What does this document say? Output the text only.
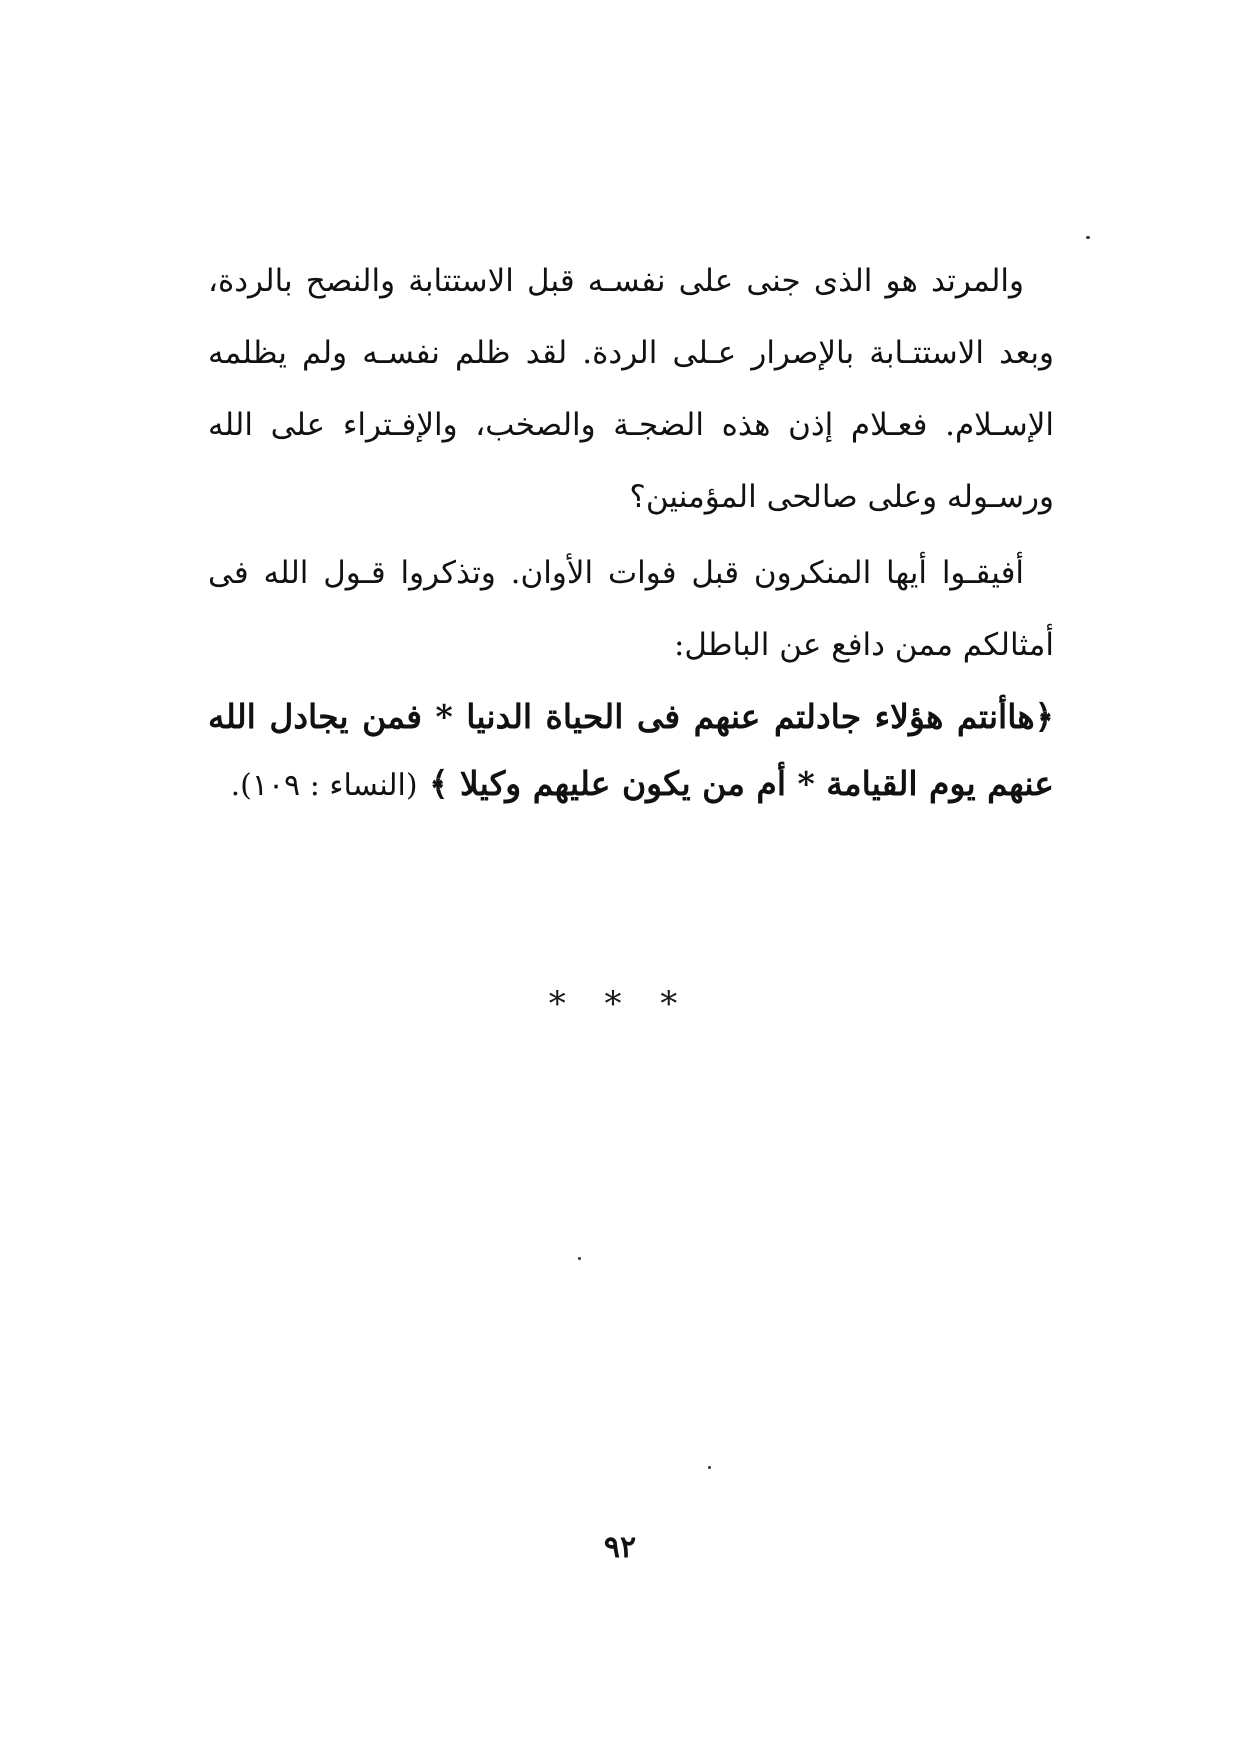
والمرتد هو الذى جنى على نفسـه قبل الاستتابة والنصح بالردة، وبعد الاستتـابة بالإصرار عـلى الردة. لقد ظلم نفسـه ولم يظلمه الإسـلام. فعـلام إذن هذه الضجـة والصخب، والإفـتراء على الله ورسـوله وعلى صالحى المؤمنين؟

أفيقـوا أيها المنكرون قبل فوات الأوان. وتذكروا قـول الله فى أمثالكم ممن دافع عن الباطل:

﴿هاأنتم هؤلاء جادلتم عنهم فى الحياة الدنيا * فمن يجادل الله عنهم يوم القيامة * أم من يكون عليهم وكيلا ﴾ (النساء : ١٠٩).

* * *
٩٢
